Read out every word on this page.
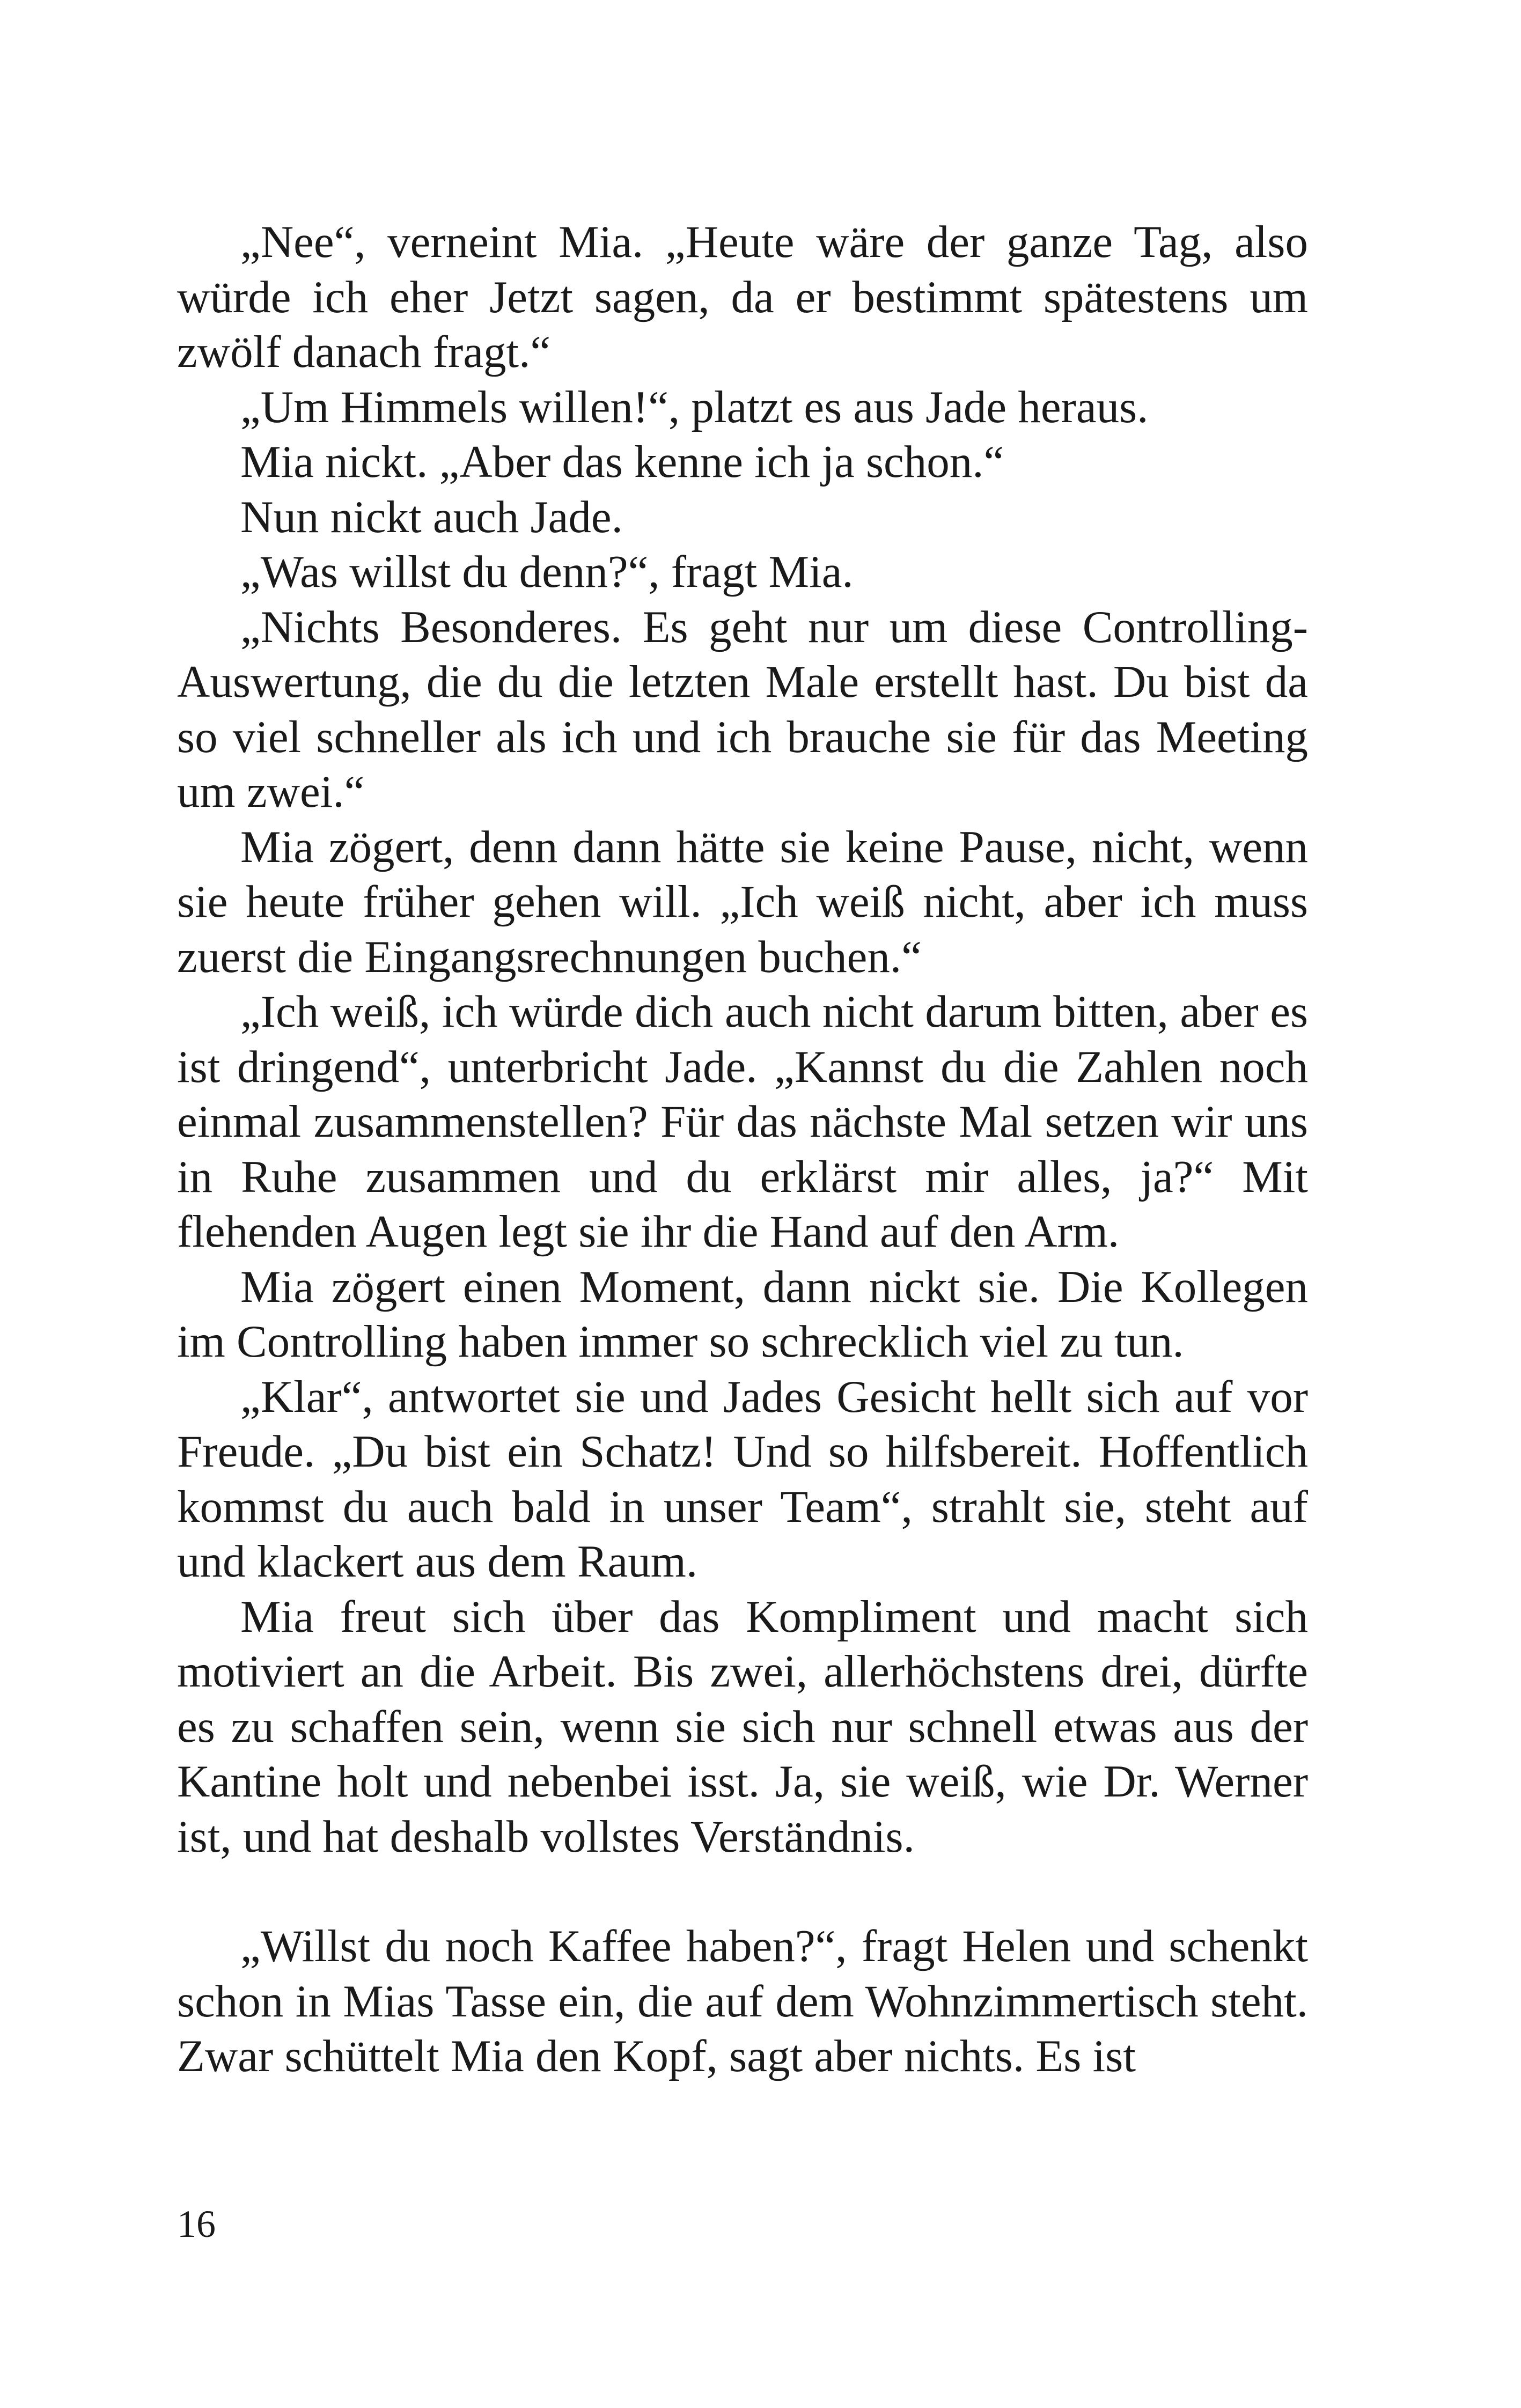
„Nee“, verneint Mia. „Heute wäre der ganze Tag, also würde ich eher Jetzt sagen, da er bestimmt spätestens um zwölf danach fragt.“

„Um Himmels willen!“, platzt es aus Jade heraus.

Mia nickt. „Aber das kenne ich ja schon.“

Nun nickt auch Jade.

„Was willst du denn?“, fragt Mia.

„Nichts Besonderes. Es geht nur um diese Controlling-Auswertung, die du die letzten Male erstellt hast. Du bist da so viel schneller als ich und ich brauche sie für das Meeting um zwei.“

Mia zögert, denn dann hätte sie keine Pause, nicht, wenn sie heute früher gehen will. „Ich weiß nicht, aber ich muss zuerst die Eingangsrechnungen buchen.“

„Ich weiß, ich würde dich auch nicht darum bitten, aber es ist dringend“, unterbricht Jade. „Kannst du die Zahlen noch einmal zusammenstellen? Für das nächste Mal setzen wir uns in Ruhe zusammen und du erklärst mir alles, ja?“ Mit flehenden Augen legt sie ihr die Hand auf den Arm.

Mia zögert einen Moment, dann nickt sie. Die Kollegen im Controlling haben immer so schrecklich viel zu tun.

„Klar“, antwortet sie und Jades Gesicht hellt sich auf vor Freude. „Du bist ein Schatz! Und so hilfsbereit. Hoffentlich kommst du auch bald in unser Team“, strahlt sie, steht auf und klackert aus dem Raum.

Mia freut sich über das Kompliment und macht sich motiviert an die Arbeit. Bis zwei, allerhöchstens drei, dürfte es zu schaffen sein, wenn sie sich nur schnell etwas aus der Kantine holt und nebenbei isst. Ja, sie weiß, wie Dr. Werner ist, und hat deshalb vollstes Verständnis.

„Willst du noch Kaffee haben?“, fragt Helen und schenkt schon in Mias Tasse ein, die auf dem Wohnzimmertisch steht. Zwar schüttelt Mia den Kopf, sagt aber nichts. Es ist

16
